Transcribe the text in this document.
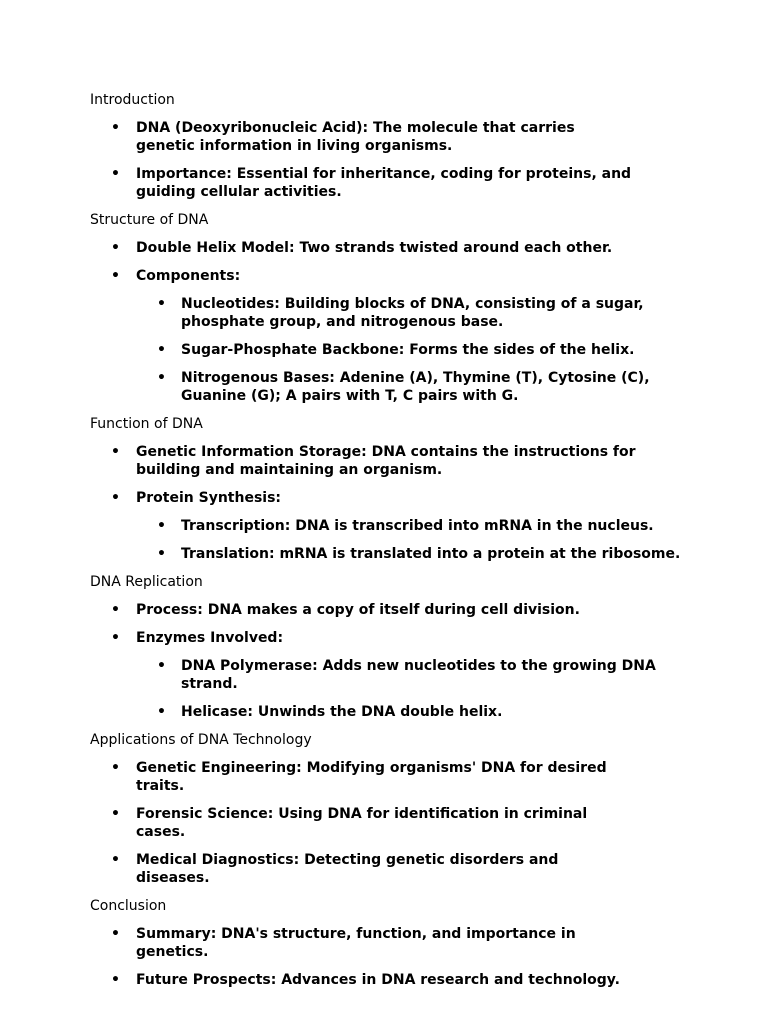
Introduction
• DNA (Deoxyribonucleic Acid): The molecule that carries genetic information in living organisms.
• Importance: Essential for inheritance, coding for proteins, and guiding cellular activities.
Structure of DNA
• Double Helix Model: Two strands twisted around each other.
• Components:
• Nucleotides: Building blocks of DNA, consisting of a sugar, phosphate group, and nitrogenous base.
• Sugar-Phosphate Backbone: Forms the sides of the helix.
• Nitrogenous Bases: Adenine (A), Thymine (T), Cytosine (C), Guanine (G); A pairs with T, C pairs with G.
Function of DNA
• Genetic Information Storage: DNA contains the instructions for building and maintaining an organism.
• Protein Synthesis:
• Transcription: DNA is transcribed into mRNA in the nucleus.
• Translation: mRNA is translated into a protein at the ribosome.
DNA Replication
• Process: DNA makes a copy of itself during cell division.
• Enzymes Involved:
• DNA Polymerase: Adds new nucleotides to the growing DNA strand.
• Helicase: Unwinds the DNA double helix.
Applications of DNA Technology
• Genetic Engineering: Modifying organisms' DNA for desired traits.
• Forensic Science: Using DNA for identification in criminal cases.
• Medical Diagnostics: Detecting genetic disorders and diseases.
Conclusion
• Summary: DNA's structure, function, and importance in genetics.
• Future Prospects: Advances in DNA research and technology.
